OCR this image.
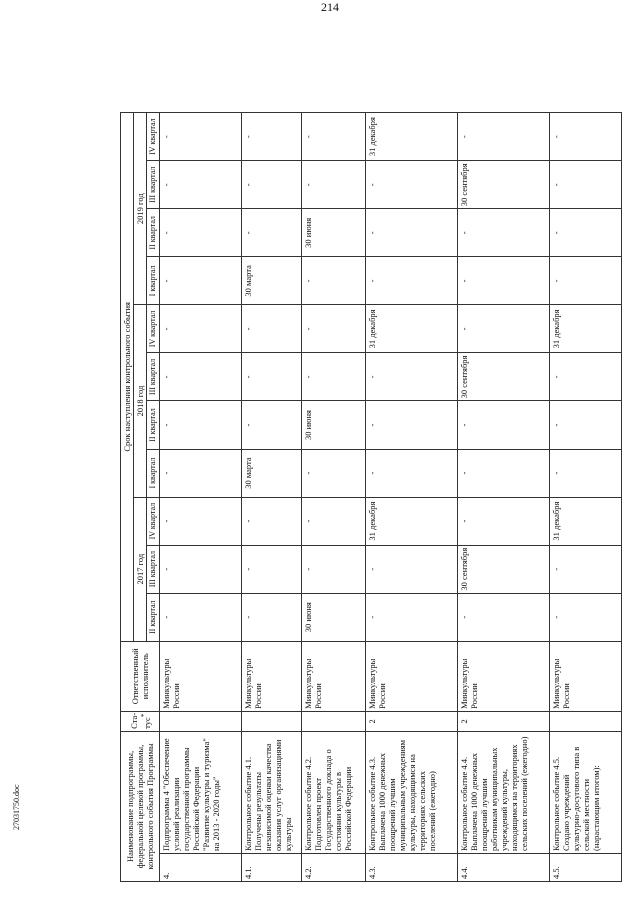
214
Наименование подпрограммы, федеральной целевой программы, контрольного события Программы		Ста-тус*	Ответственный исполнитель	Срок наступления контрольного события										
				2017 год			2018 год				2019 год			
				II квартал	III квартал	IV квартал	I квартал	II квартал	III квартал	IV квартал	I квартал	II квартал	III квартал	IV квартал
4.	Подпрограмма 4 "Обеспечение условий реализации государственной программы Российской Федерации "Развитие культуры и туризма" на 2013 - 2020 годы"		Минкультуры России	-	-	-	-	-	-	-	-	-	-	-
4.1.	Контрольное событие 4.1. Получены результаты независимой оценки качества оказания услуг организациями культуры		Минкультуры России	-	-	-	30 марта	-	-	-	30 марта	-	-	-
4.2.	Контрольное событие 4.2. Подготовлен проект Государственного доклада о состоянии культуры в Российской Федерации		Минкультуры России	30 июня	-	-	-	30 июня	-	-	-	30 июня	-	-
4.3.	Контрольное событие 4.3. Выплачена 1000 денежных поощрений лучшим муниципальным учреждениям культуры, находящимся на территориях сельских поселений (ежегодно)	2	Минкультуры России	-	-	31 декабря	-	-	-	31 декабря	-	-	-	31 декабря
4.4.	Контрольное событие 4.4. Выплачена 1000 денежных поощрений лучшим работникам муниципальных учреждений культуры, находящимся на территориях сельских поселений (ежегодно)	2	Минкультуры России	-	30 сентября	-	-	-	30 сентября	-	-	-	30 сентября	-
4.5.	Контрольное событие 4.5. Создано учреждений культурно-досугового типа в сельской местности (нарастающим итогом):		Минкультуры России	-	-	31 декабря	-	-	-	31 декабря	-	-	-	-
27031750.doc
